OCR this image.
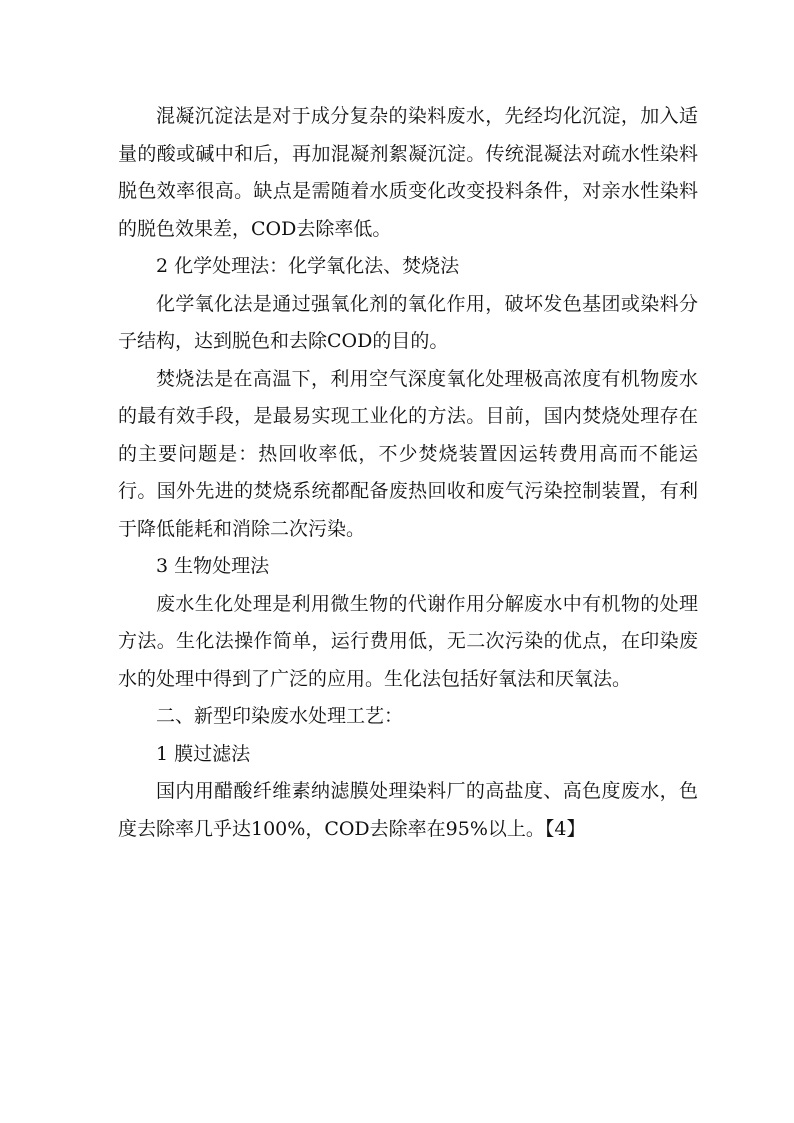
混凝沉淀法是对于成分复杂的染料废水，先经均化沉淀，加入适量的酸或碱中和后，再加混凝剂絮凝沉淀。传统混凝法对疏水性染料脱色效率很高。缺点是需随着水质变化改变投料条件，对亲水性染料的脱色效果差，COD去除率低。

2 化学处理法：化学氧化法、焚烧法

化学氧化法是通过强氧化剂的氧化作用，破坏发色基团或染料分子结构，达到脱色和去除COD的目的。

焚烧法是在高温下，利用空气深度氧化处理极高浓度有机物废水的最有效手段，是最易实现工业化的方法。目前，国内焚烧处理存在的主要问题是：热回收率低，不少焚烧装置因运转费用高而不能运行。国外先进的焚烧系统都配备废热回收和废气污染控制装置，有利于降低能耗和消除二次污染。

3 生物处理法

废水生化处理是利用微生物的代谢作用分解废水中有机物的处理方法。生化法操作简单，运行费用低，无二次污染的优点，在印染废水的处理中得到了广泛的应用。生化法包括好氧法和厌氧法。

二、新型印染废水处理工艺：

1 膜过滤法

国内用醋酸纤维素纳滤膜处理染料厂的高盐度、高色度废水，色度去除率几乎达100%，COD去除率在95%以上。【4】
